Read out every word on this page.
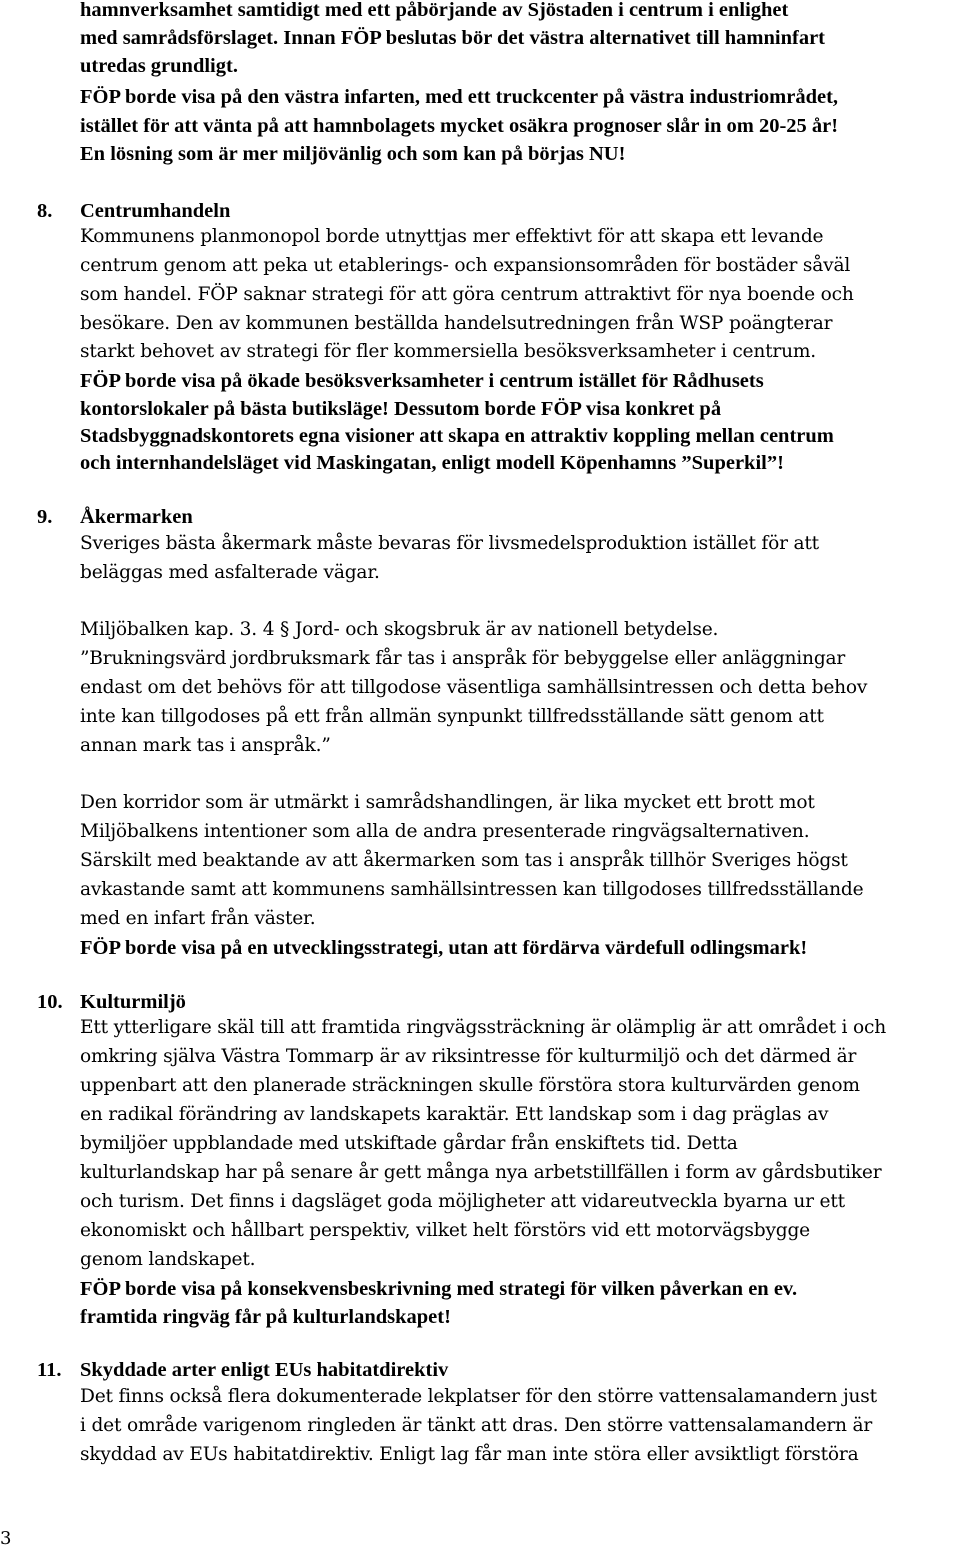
hamnverksamhet samtidigt med ett påbörjande av Sjöstaden i centrum i enlighet
med samrådsförslaget. Innan FÖP beslutas bör det västra alternativet till hamninfart
utredas grundligt.
FÖP borde visa på den västra infarten, med ett truckcenter på västra industriområdet,
istället för att vänta på att hamnbolagets mycket osäkra prognoser slår in om 20-25 år!
En lösning som är mer miljövänlig och som kan på börjas NU!
8. Centrumhandeln
Kommunens planmonopol borde utnyttjas mer effektivt för att skapa ett levande
centrum genom att peka ut etablerings- och expansionsområden för bostäder såväl
som handel. FÖP saknar strategi för att göra centrum attraktivt för nya boende och
besökare. Den av kommunen beställda handelsutredningen från WSP poängterar
starkt behovet av strategi för fler kommersiella besöksverksamheter i centrum.
FÖP borde visa på ökade besöksverksamheter i centrum istället för Rådhusets
kontorslokaler på bästa butiksläge! Dessutom borde FÖP visa konkret på
Stadsbyggnadskontorets egna visioner att skapa en attraktiv koppling mellan centrum
och internhandelsläget vid Maskingatan, enligt modell Köpenhamns ”Superkil”!
9. Åkermarken
Sveriges bästa åkermark måste bevaras för livsmedelsproduktion istället för att
beläggas med asfalterade vägar.
Miljöbalken kap. 3. 4 § Jord- och skogsbruk är av nationell betydelse.
”Brukningsvärd jordbruksmark får tas i anspråk för bebyggelse eller anläggningar
endast om det behövs för att tillgodose väsentliga samhällsintressen och detta behov
inte kan tillgodoses på ett från allmän synpunkt tillfredsställande sätt genom att
annan mark tas i anspråk.”
Den korridor som är utmärkt i samrådshandlingen, är lika mycket ett brott mot
Miljöbalkens intentioner som alla de andra presenterade ringvägsalternativen.
Särskilt med beaktande av att åkermarken som tas i anspråk tillhör Sveriges högst
avkastande samt att kommunens samhällsintressen kan tillgodoses tillfredsställande
med en infart från väster.
FÖP borde visa på en utvecklingsstrategi, utan att fördärva värdefull odlingsmark!
10. Kulturmiljö
Ett ytterligare skäl till att framtida ringvägssträckning är olämplig är att området i och
omkring själva Västra Tommarp är av riksintresse för kulturmiljö och det därmed är
uppenbart att den planerade sträckningen skulle förstöra stora kulturvärden genom
en radikal förändring av landskapets karaktär. Ett landskap som i dag präglas av
bymiljöer uppblandade med utskiftade gårdar från enskiftets tid. Detta
kulturlandskap har på senare år gett många nya arbetstillfällen i form av gårdsbutiker
och turism. Det finns i dagsläget goda möjligheter att vidareutveckla byarna ur ett
ekonomiskt och hållbart perspektiv, vilket helt förstörs vid ett motorvägsbygge
genom landskapet.
FÖP borde visa på konsekvensbeskrivning med strategi för vilken påverkan en ev.
framtida ringväg får på kulturlandskapet!
11. Skyddade arter enligt EUs habitatdirektiv
Det finns också flera dokumenterade lekplatser för den större vattensalamandern just
i det område varigenom ringleden är tänkt att dras. Den större vattensalamandern är
skyddad av EUs habitatdirektiv. Enligt lag får man inte störa eller avsiktligt förstöra
3
